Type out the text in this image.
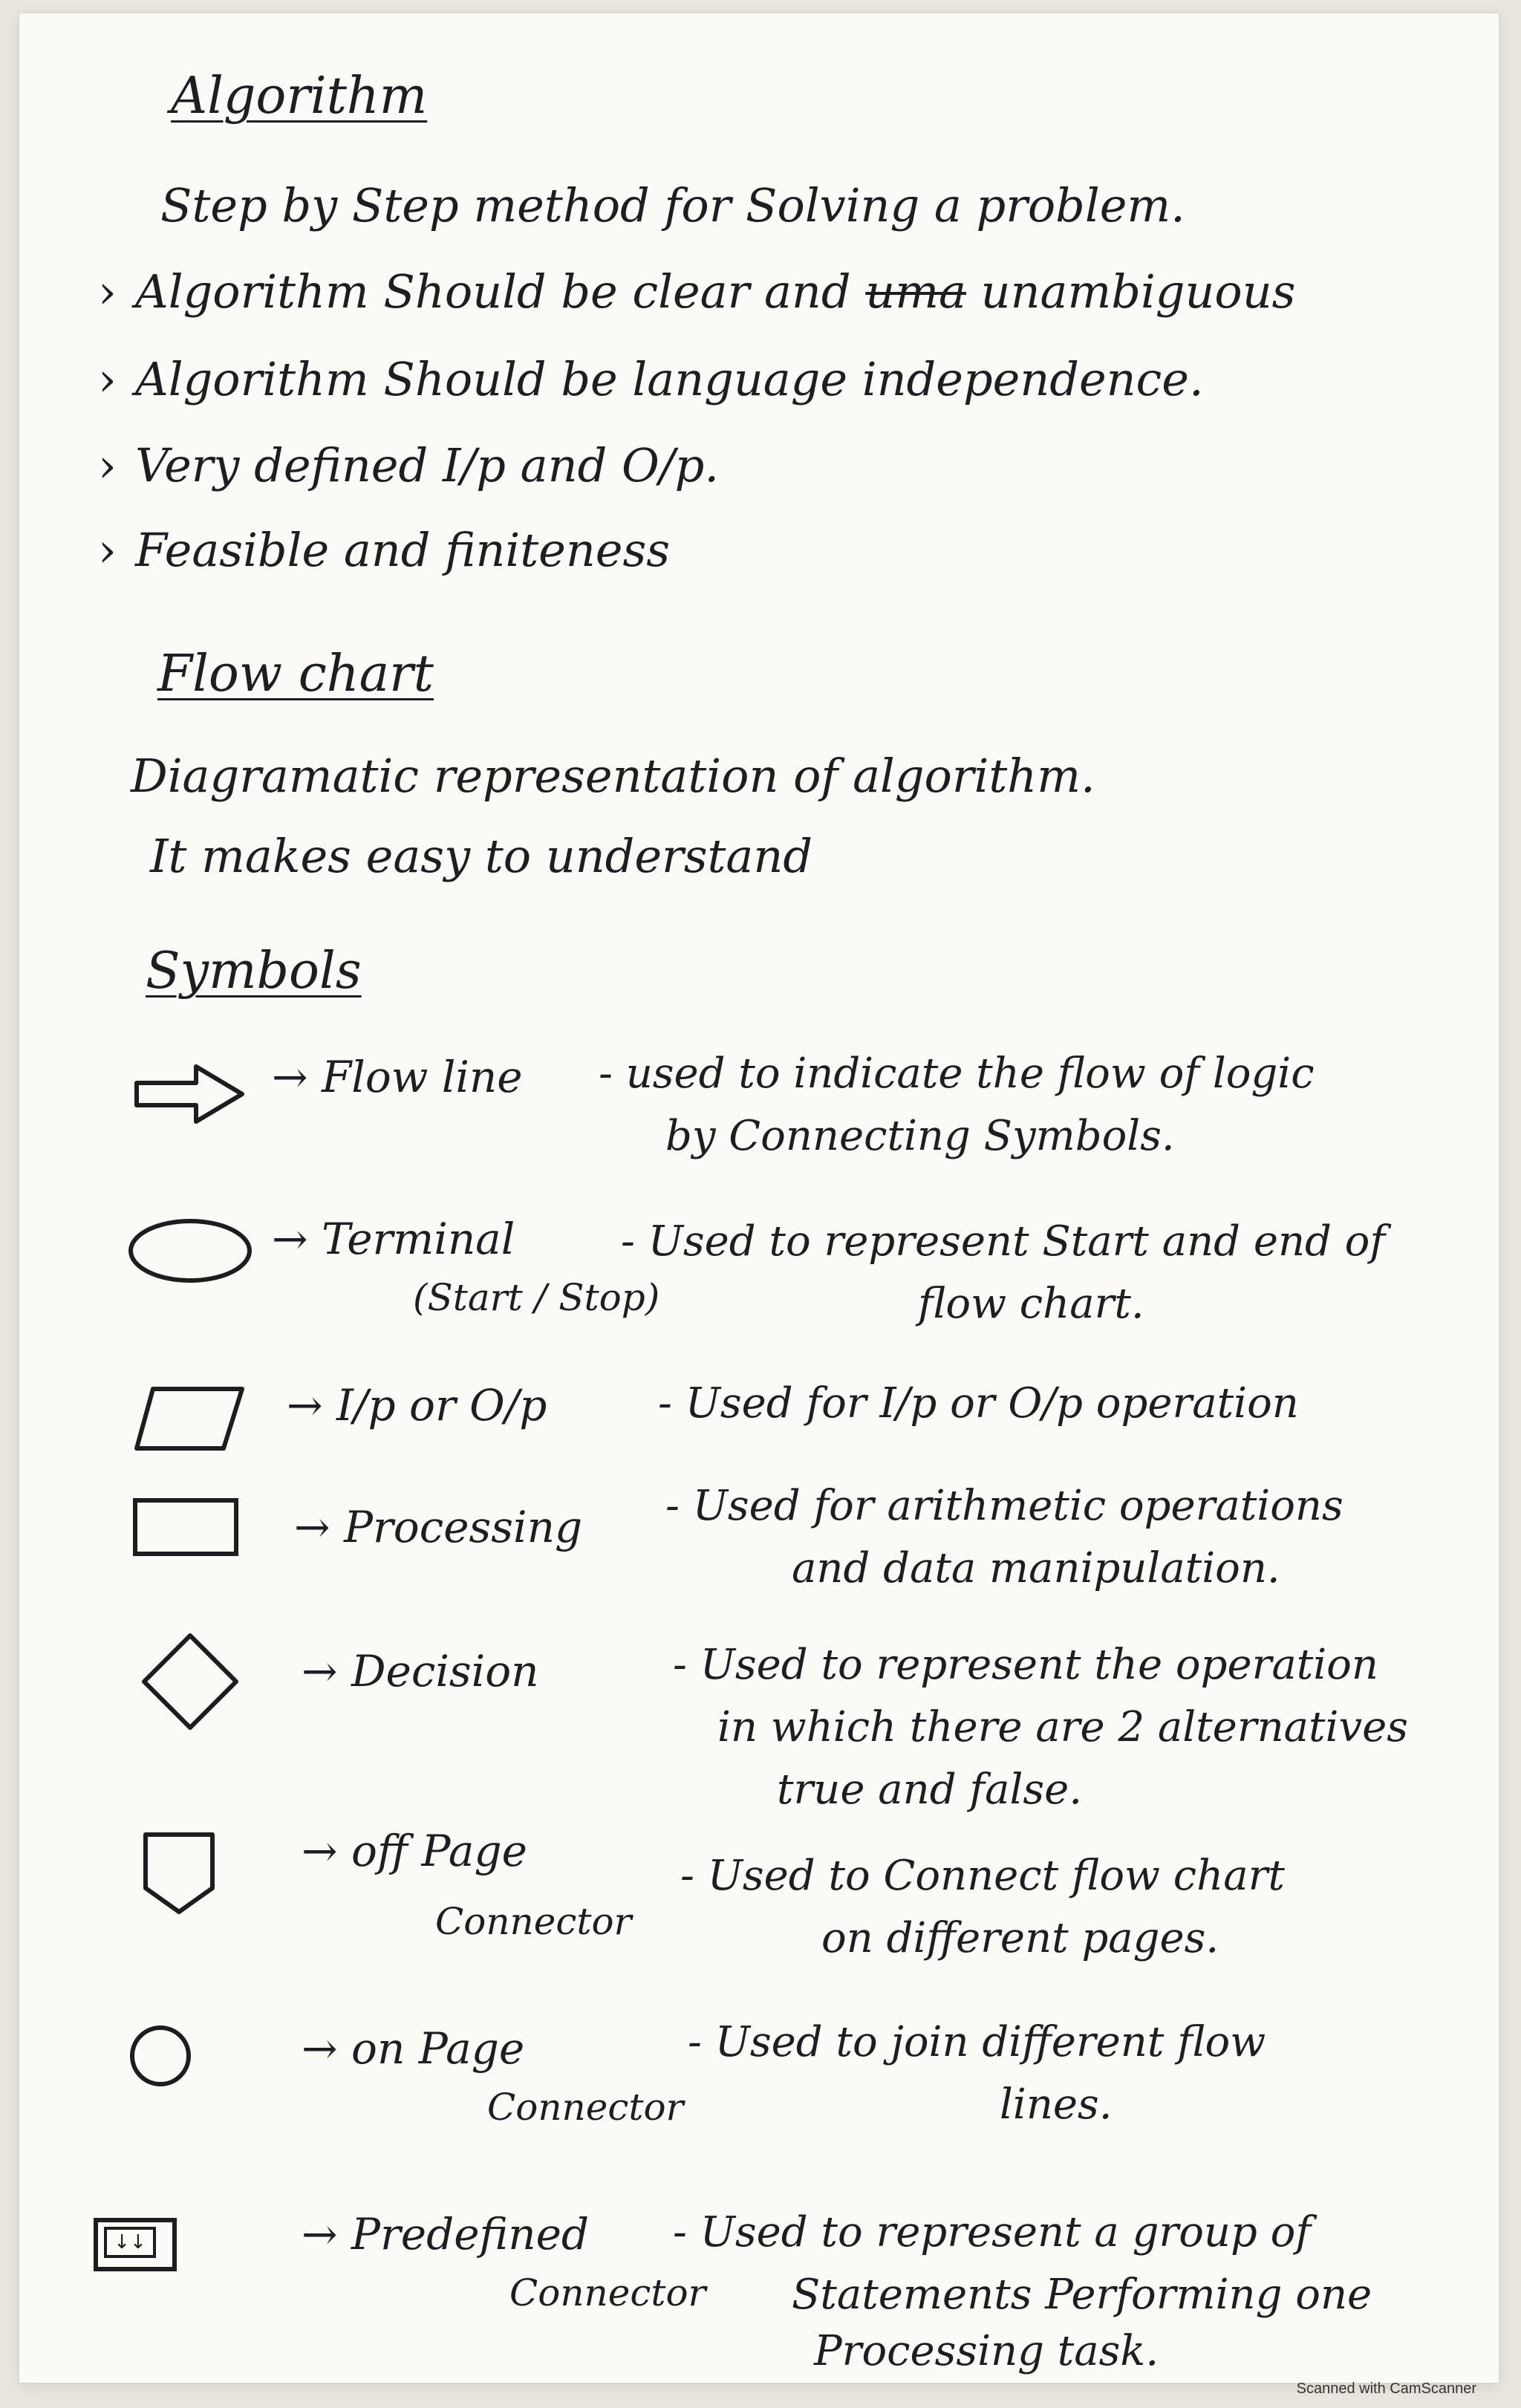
Algorithm
Step by Step method for Solving a problem.
› Algorithm Should be clear and uma unambiguous
› Algorithm Should be language independence.
› Very defined I/p and O/p.
› Feasible and finiteness
Flow chart
Diagramatic representation of algorithm.
It makes easy to understand
Symbols
→ Flow line - used to indicate the flow of logic
by Connecting Symbols.
→ Terminal
(Start / Stop)
- Used to represent Start and end of
flow chart.
→ I/p or O/p	- Used for I/p or O/p operation
→ Processing - Used for arithmetic operations
and data manipulation.
→ Decision	- Used to represent the operation
in which there are 2 alternatives
true and false.
→ off Page
Connector
- Used to Connect flow chart
on different pages.
→ on Page
Connector
- Used to join different flow
lines.
↓↓	→ Predefined
Connector
- Used to represent a group of
Statements Performing one
Processing task.
Scanned with CamScanner
